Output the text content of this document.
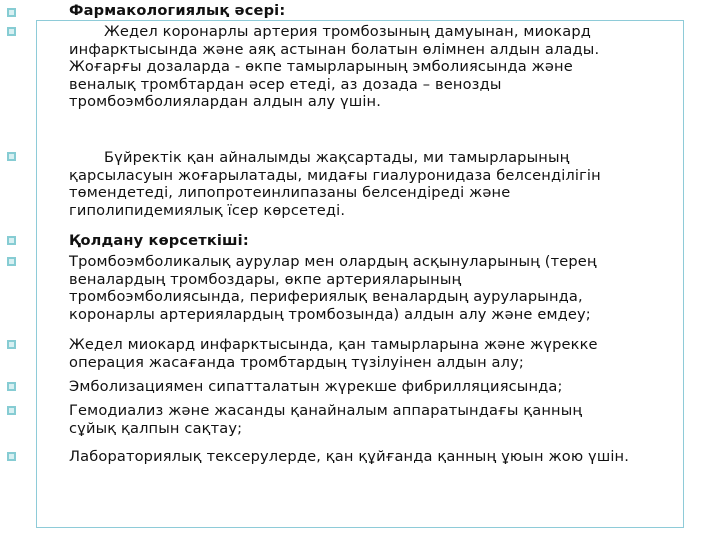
Фармакологиялық әсері:

Жедел коронарлы артерия тромбозының дамуынан, миокард
инфарктысында және аяқ астынан болатын өлімнен алдын алады.
Жоғарғы дозаларда - өкпе тамырларының эмболиясында және
веналық тромбтардан әсер етеді, аз дозада – венозды
тромбоэмболиялардан алдын алу үшін.

Бүйректік қан айналымды жақсартады, ми тамырларының
қарсыласуын жоғарылатады, мидағы гиалуронидаза белсенділігін
төмендетеді, липопротеинлипазаны белсендіреді және
гиполипидемиялық їсер көрсетеді.

Қолдану көрсеткіші:

Тромбоэмболикалық аурулар мен олардың асқынуларының (терең
веналардың тромбоздары, өкпе артерияларының
тромбоэмболиясында, перифериялық веналардың ауруларында,
коронарлы артериялардың тромбозында) алдын алу және емдеу;

Жедел миокард инфарктысында, қан тамырларына және жүрекке
операция жасағанда тромбтардың түзілуінен алдын алу;

Эмболизациямен сипатталатын жүрекше фибрилляциясында;

Гемодиализ және жасанды қанайналым аппаратындағы қанның
сұйық қалпын сақтау;

Лабораториялық тексерулерде, қан құйғанда қанның ұюын жою үшін.
